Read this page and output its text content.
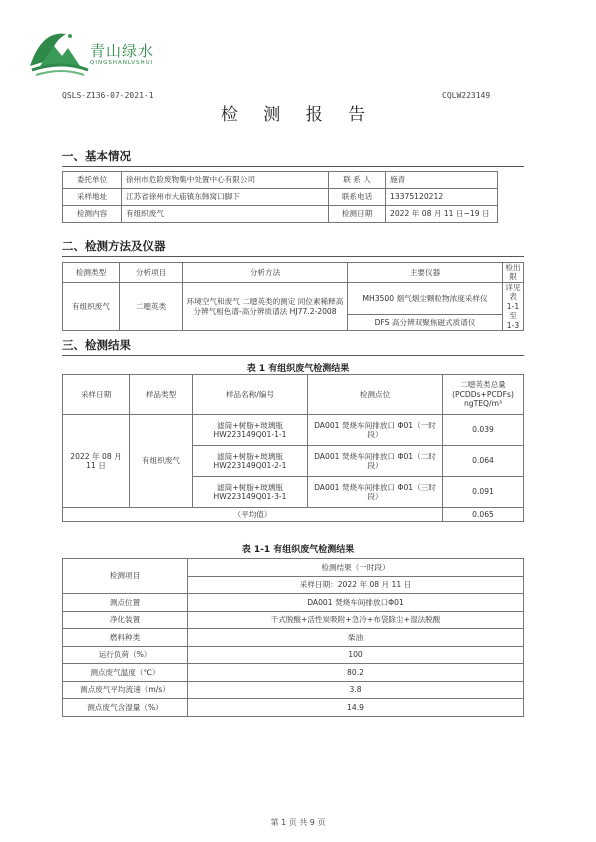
青山绿水
QINGSHANLVSHUI
QSLS-Z136-07-2021-1	CQLW223149
检 测 报 告
一、基本情况
委托单位	徐州市危险废物集中处置中心有限公司	联 系 人	施青
采样地址	江苏省徐州市大庙镇东韩窝口脚下	联系电话	13375120212
检测内容	有组织废气	检测日期	2022 年 08 月 11 日~19 日
二、检测方法及仪器
检测类型	分析项目	分析方法	主要仪器	检出限
有组织废气	二噁英类	环境空气和废气 二噁英类的测定 同位素稀释高分辨气相色谱-高分辨质谱法 HJ77.2-2008	MH3500 烟气烟尘颗粒物浓度采样仪	详见表 1-1 至 1-3
			DFS 高分辨双聚焦磁式质谱仪	
三、检测结果
表 1 有组织废气检测结果
采样日期	样品类型	样品名称/编号	检测点位	二噁英类总量 (PCDDs+PCDFs) ngTEQ/m³
2022 年 08 月 11 日	有组织废气	滤筒+树脂+玻璃瓶 HW223149Q01-1-1	DA001 焚烧车间排放口 Φ01（一时段）	0.039
		滤筒+树脂+玻璃瓶 HW223149Q01-2-1	DA001 焚烧车间排放口 Φ01（二时段）	0.064
		滤筒+树脂+玻璃瓶 HW223149Q01-3-1	DA001 焚烧车间排放口 Φ01（三时段）	0.091
（平均值）				0.065
表 1-1 有组织废气检测结果
检测项目	检测结果（一时段）
	采样日期：2022 年 08 月 11 日
测点位置	DA001 焚烧车间排放口Φ01
净化装置	干式脱酸+活性炭吸附+急冷+布袋除尘+湿法脱酸
燃料种类	柴油
运行负荷（%）	100
测点废气温度（℃）	80.2
测点废气平均流速（m/s）	3.8
测点废气含湿量（%）	14.9
第 1 页 共 9 页
